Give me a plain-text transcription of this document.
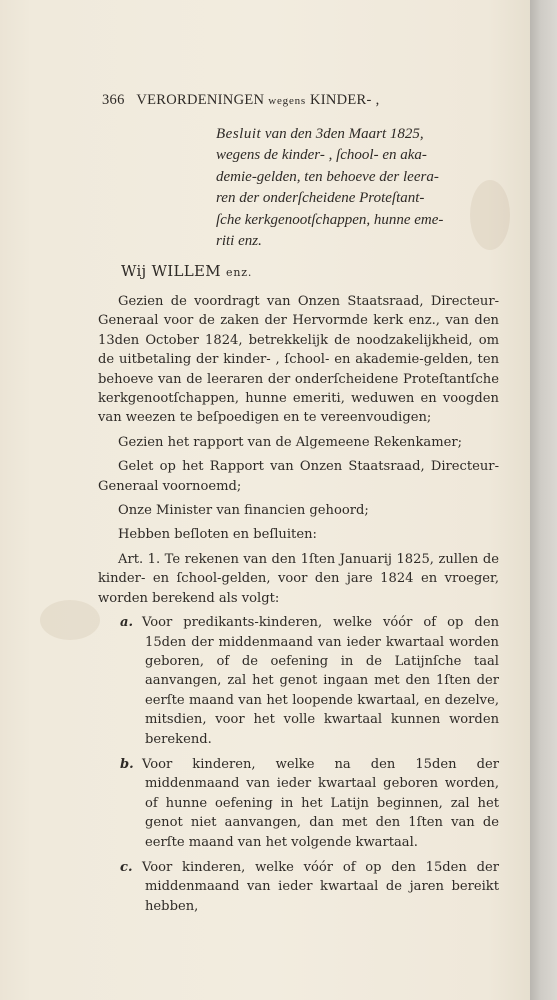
366 VERORDENINGEN wegens KINDER- ,
Besluit van den 3den Maart 1825,
wegens de kinder- , ſchool- en aka-
demie-gelden, ten behoeve der leera-
ren der onderſcheidene Proteſtant-
ſche kerkgenootſchappen, hunne eme-
riti enz.
Wij WILLEM enz.

Gezien de voordragt van Onzen Staatsraad, Directeur-Generaal voor de zaken der Hervormde kerk enz., van den 13den October 1824, betrekkelijk de noodzakelijkheid, om de uitbetaling der kinder- , ſchool- en akademie-gelden, ten behoeve van de leeraren der onderſcheidene Proteſtantſche kerkgenootſchappen, hunne emeriti, weduwen en voogden van weezen te beſpoedigen en te vereenvoudigen;

Gezien het rapport van de Algemeene Rekenkamer;

Gelet op het Rapport van Onzen Staatsraad, Directeur-Generaal voornoemd;

Onze Minister van financien gehoord;

Hebben beſloten en beſluiten:

Art. 1. Te rekenen van den 1ſten Januarij 1825, zullen de kinder- en ſchool-gelden, voor den jare 1824 en vroeger, worden berekend als volgt:

a. Voor predikants-kinderen, welke vóór of op den 15den der middenmaand van ieder kwartaal worden geboren, of de oefening in de Latijnſche taal aanvangen, zal het genot ingaan met den 1ſten der eerſte maand van het loopende kwartaal, en dezelve, mitsdien, voor het volle kwartaal kunnen worden berekend.

b. Voor kinderen, welke na den 15den der middenmaand van ieder kwartaal geboren worden, of hunne oefening in het Latijn beginnen, zal het genot niet aanvangen, dan met den 1ſten van de eerſte maand van het volgende kwartaal.

c. Voor kinderen, welke vóór of op den 15den der middenmaand van ieder kwartaal de jaren bereikt hebben,
